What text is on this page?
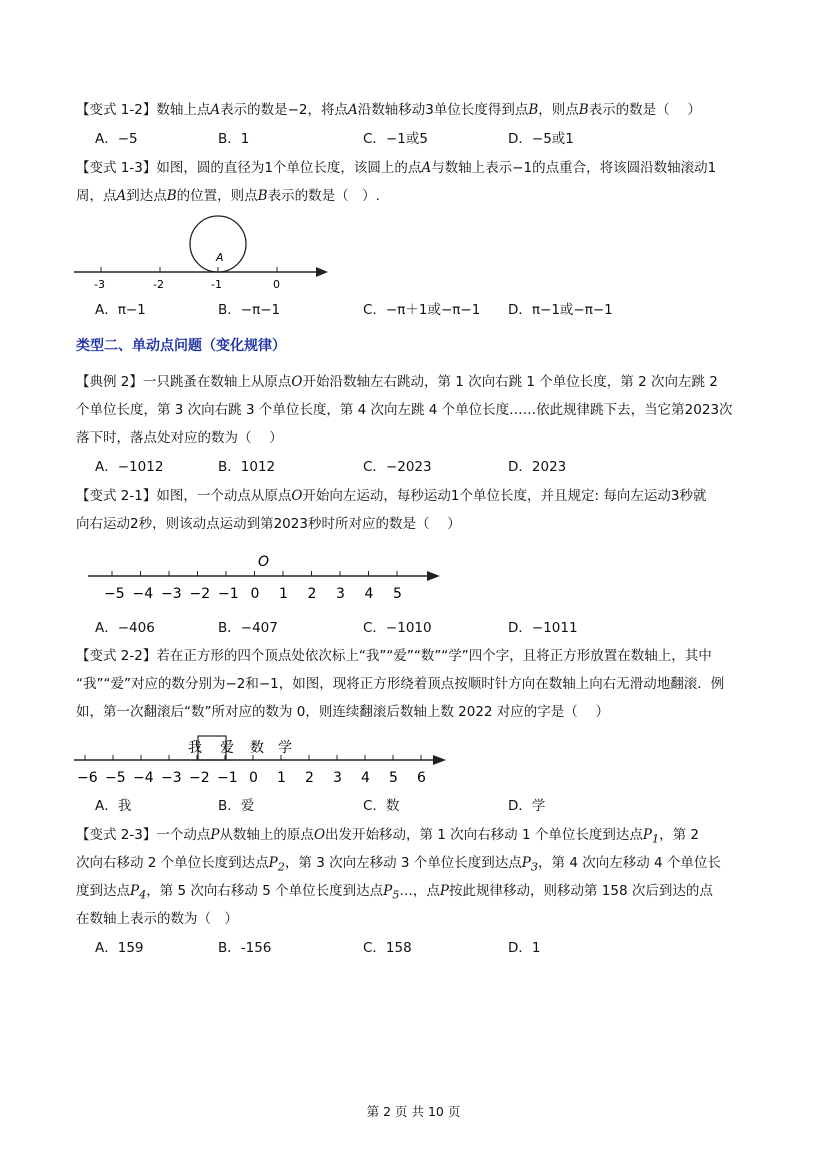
【变式 1-2】数轴上点A表示的数是−2，将点A沿数轴移动3单位长度得到点B，则点B表示的数是（　 ）
A．−5	B．1	C．−1或5	D．−5或1
【变式 1-3】如图，圆的直径为1个单位长度，该圆上的点A与数轴上表示−1的点重合，将该圆沿数轴滚动1
周，点A到达点B的位置，则点B表示的数是（　）.
A
-3	-2	-1	0
A．π−1	B．−π−1	C．−π＋1或−π−1 D．π−1或−π−1
类型二、单动点问题（变化规律）
【典例 2】一只跳蚤在数轴上从原点O开始沿数轴左右跳动，第 1 次向右跳 1 个单位长度，第 2 次向左跳 2
个单位长度，第 3 次向右跳 3 个单位长度，第 4 次向左跳 4 个单位长度……依此规律跳下去，当它第2023次
落下时，落点处对应的数为（　 ）
A．−1012	B．1012	C．−2023	D．2023
【变式 2-1】如图，一个动点从原点O开始向左运动，每秒运动1个单位长度，并且规定: 每向左运动3秒就
向右运动2秒，则该动点运动到第2023秒时所对应的数是（　 ）
O
−5 −4 −3 −2 −1 0 1 2 3 4 5
A．−406	B．−407	C．−1010	D．−1011
【变式 2-2】若在正方形的四个顶点处依次标上“我”“爱”“数”“学”四个字，且将正方形放置在数轴上，其中
“我”“爱”对应的数分别为−2和−1，如图，现将正方形绕着顶点按顺时针方向在数轴上向右无滑动地翻滚．例
如，第一次翻滚后“数”所对应的数为 0，则连续翻滚后数轴上数 2022 对应的字是（　 ）
我 爱 数 学
−6 −5 −4 −3 −2 −1 0 1 2 3 4 5 6
A．我	B．爱	C．数	D．学
【变式 2-3】一个动点P从数轴上的原点O出发开始移动，第 1 次向右移动 1 个单位长度到达点$P_1$，第 2
次向右移动 2 个单位长度到达点$P_2$，第 3 次向左移动 3 个单位长度到达点$P_3$，第 4 次向左移动 4 个单位长
度到达点$P_4$，第 5 次向右移动 5 个单位长度到达点$P_5\dots$，点P按此规律移动，则移动第 158 次后到达的点
在数轴上表示的数为（　）
A．159	B．-156	C．158	D．1
第 2 页 共 10 页
